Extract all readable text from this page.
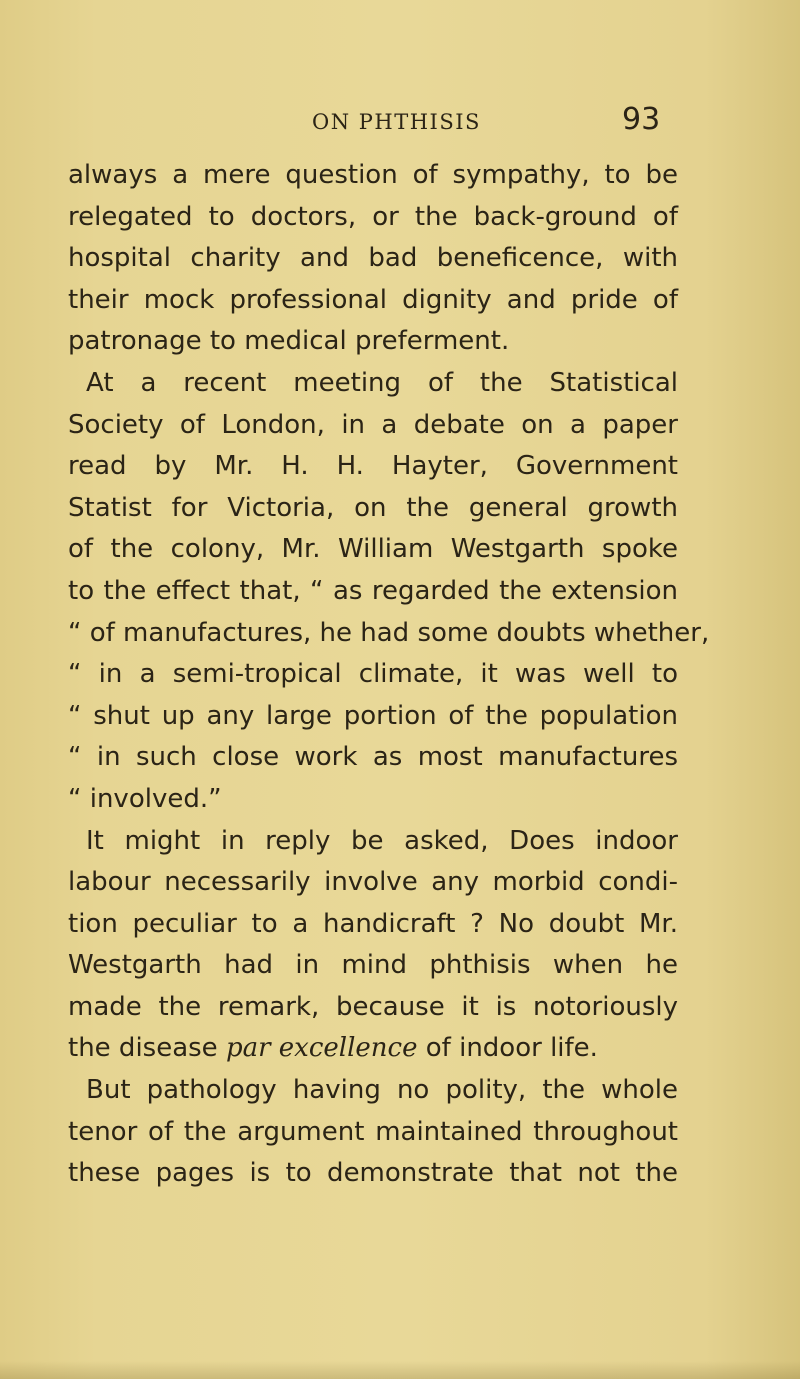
ON PHTHISIS	93
always a mere question of sympathy, to be
relegated to doctors, or the back-ground of
hospital charity and bad beneficence, with
their mock professional dignity and pride of
patronage to medical preferment.
At a recent meeting of the Statistical
Society of London, in a debate on a paper
read by Mr. H. H. Hayter, Government
Statist for Victoria, on the general growth
of the colony, Mr. William Westgarth spoke
to the effect that, “ as regarded the extension
“ of manufactures, he had some doubts whether,
“ in a semi-tropical climate, it was well to
“ shut up any large portion of the population
“ in such close work as most manufactures
“ involved.”
It might in reply be asked, Does indoor
labour necessarily involve any morbid condi-
tion peculiar to a handicraft ? No doubt Mr.
Westgarth had in mind phthisis when he
made the remark, because it is notoriously
the disease par excellence of indoor life.
But pathology having no polity, the whole
tenor of the argument maintained throughout
these pages is to demonstrate that not the
